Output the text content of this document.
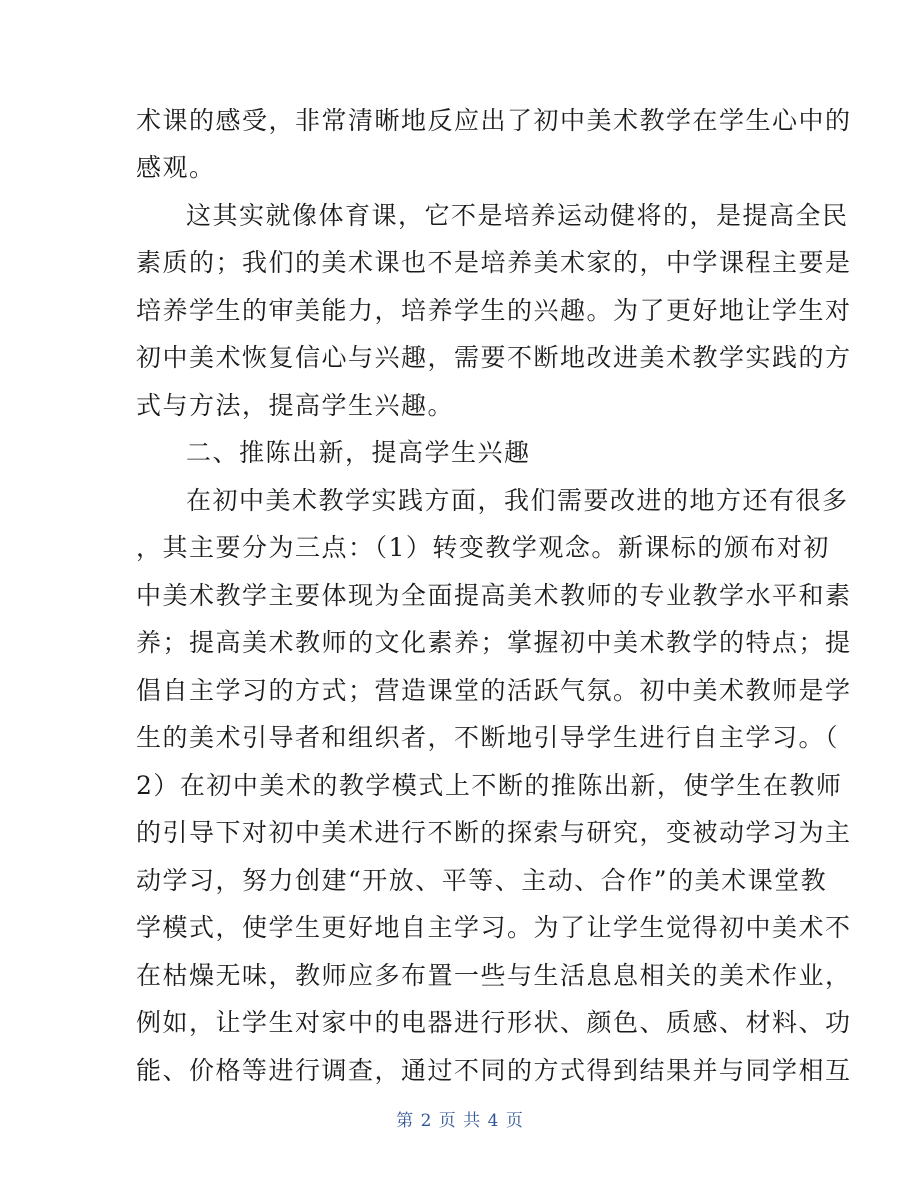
术课的感受，非常清晰地反应出了初中美术教学在学生心中的
感观。
这其实就像体育课，它不是培养运动健将的，是提高全民
素质的；我们的美术课也不是培养美术家的，中学课程主要是
培养学生的审美能力，培养学生的兴趣。为了更好地让学生对
初中美术恢复信心与兴趣，需要不断地改进美术教学实践的方
式与方法，提高学生兴趣。
二、推陈出新，提高学生兴趣
在初中美术教学实践方面，我们需要改进的地方还有很多
，其主要分为三点：（1）转变教学观念。新课标的颁布对初
中美术教学主要体现为全面提高美术教师的专业教学水平和素
养；提高美术教师的文化素养；掌握初中美术教学的特点；提
倡自主学习的方式；营造课堂的活跃气氛。初中美术教师是学
生的美术引导者和组织者，不断地引导学生进行自主学习。（
2）在初中美术的教学模式上不断的推陈出新，使学生在教师
的引导下对初中美术进行不断的探索与研究，变被动学习为主
动学习，努力创建“开放、平等、主动、合作”的美术课堂教
学模式，使学生更好地自主学习。为了让学生觉得初中美术不
在枯燥无味，教师应多布置一些与生活息息相关的美术作业，
例如，让学生对家中的电器进行形状、颜色、质感、材料、功
能、价格等进行调查，通过不同的方式得到结果并与同学相互
第 2 页 共 4 页
